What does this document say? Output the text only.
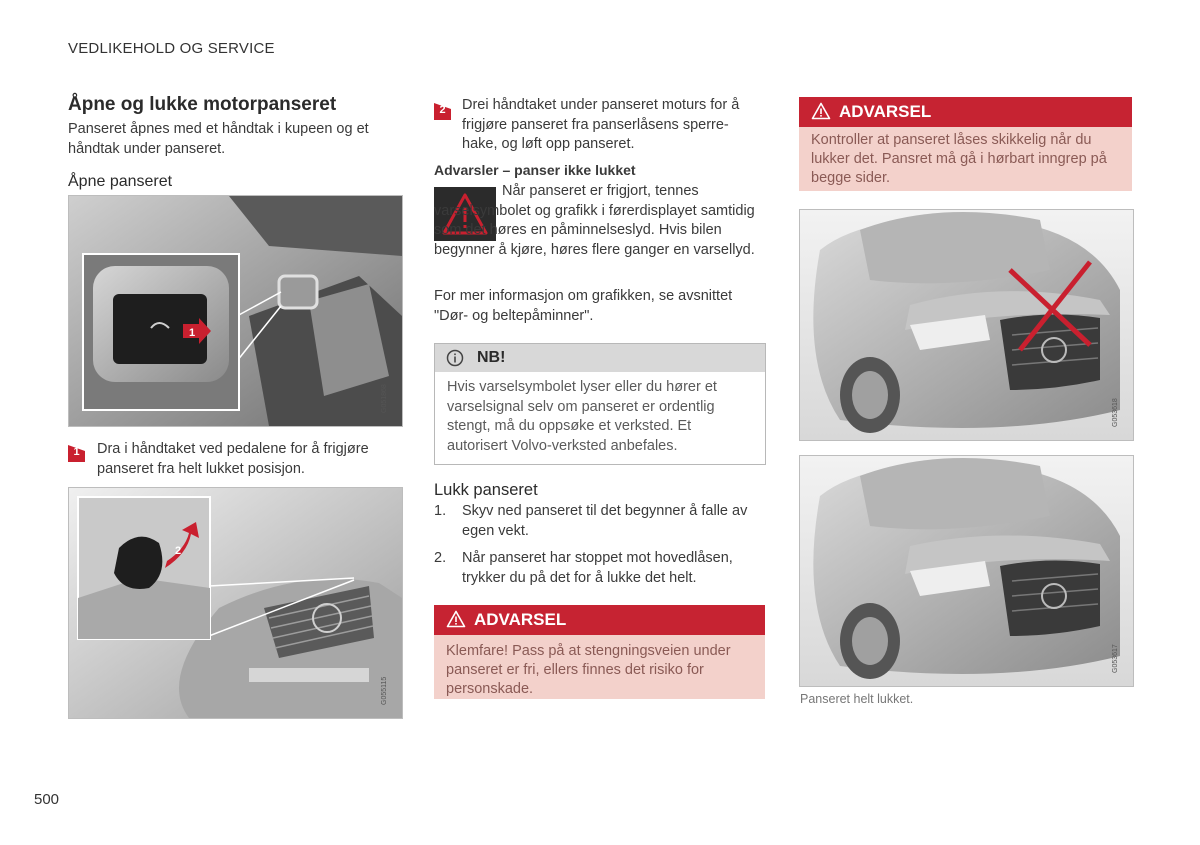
VEDLIKEHOLD OG SERVICE
Åpne og lukke motorpanseret
Panseret åpnes med et håndtak i kupeen og et håndtak under panseret.
Åpne panseret
1
G051868
1	Dra i håndtaket ved pedalene for å frigjøre panseret fra helt lukket posisjon.
2
G055115
2	Drei håndtaket under panseret moturs for å frigjøre panseret fra panserlåsens sperre-hake, og løft opp panseret.
Advarsler – panser ikke lukket
Når panseret er frigjort, tennes varselsymbolet og grafikk i førerdisplayet samtidig som det høres en påminnelseslyd. Hvis bilen begynner å kjøre, høres flere ganger en varsellyd.
For mer informasjon om grafikken, se avsnittet "Dør- og beltepåminner".
NB!
Hvis varselsymbolet lyser eller du hører et varselsignal selv om panseret er ordentlig stengt, må du oppsøke et verksted. Et autorisert Volvo-verksted anbefales.
Lukk panseret
1. Skyv ned panseret til det begynner å falle av egen vekt.
2. Når panseret har stoppet mot hovedlåsen, trykker du på det for å lukke det helt.
ADVARSEL
Klemfare! Pass på at stengningsveien under panseret er fri, ellers finnes det risiko for personskade.
ADVARSEL
Kontroller at panseret låses skikkelig når du lukker det. Pansret må gå i hørbart inngrep på begge sider.
G053618
G053617
Panseret helt lukket.
500
